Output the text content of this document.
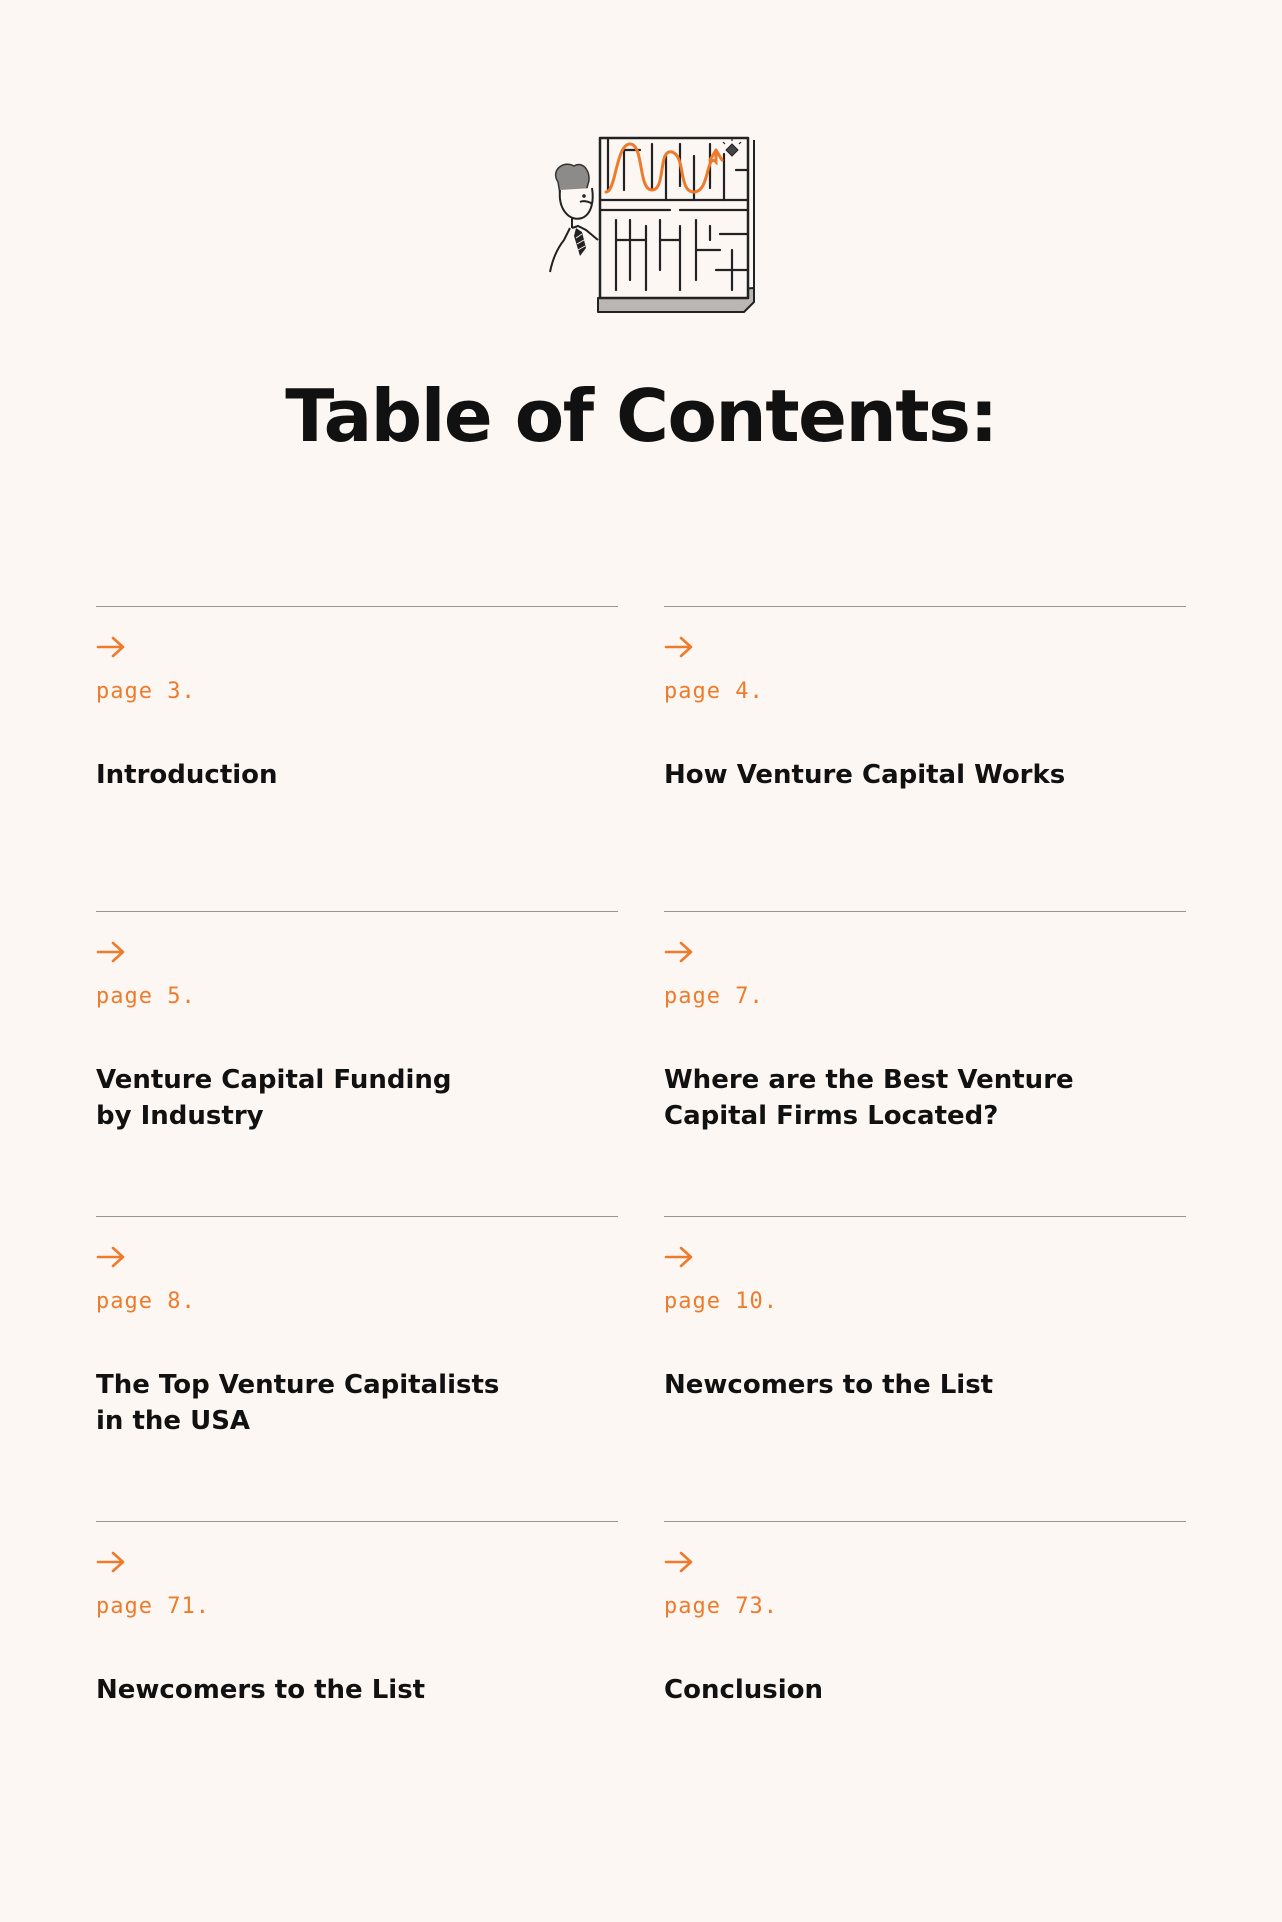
Table of Contents:
page 3.
Introduction
page 4.
How Venture Capital Works
page 5.
Venture Capital Funding
by Industry
page 7.
Where are the Best Venture
Capital Firms Located?
page 8.
The Top Venture Capitalists
in the USA
page 10.
Newcomers to the List
page 71.
Newcomers to the List
page 73.
Conclusion
